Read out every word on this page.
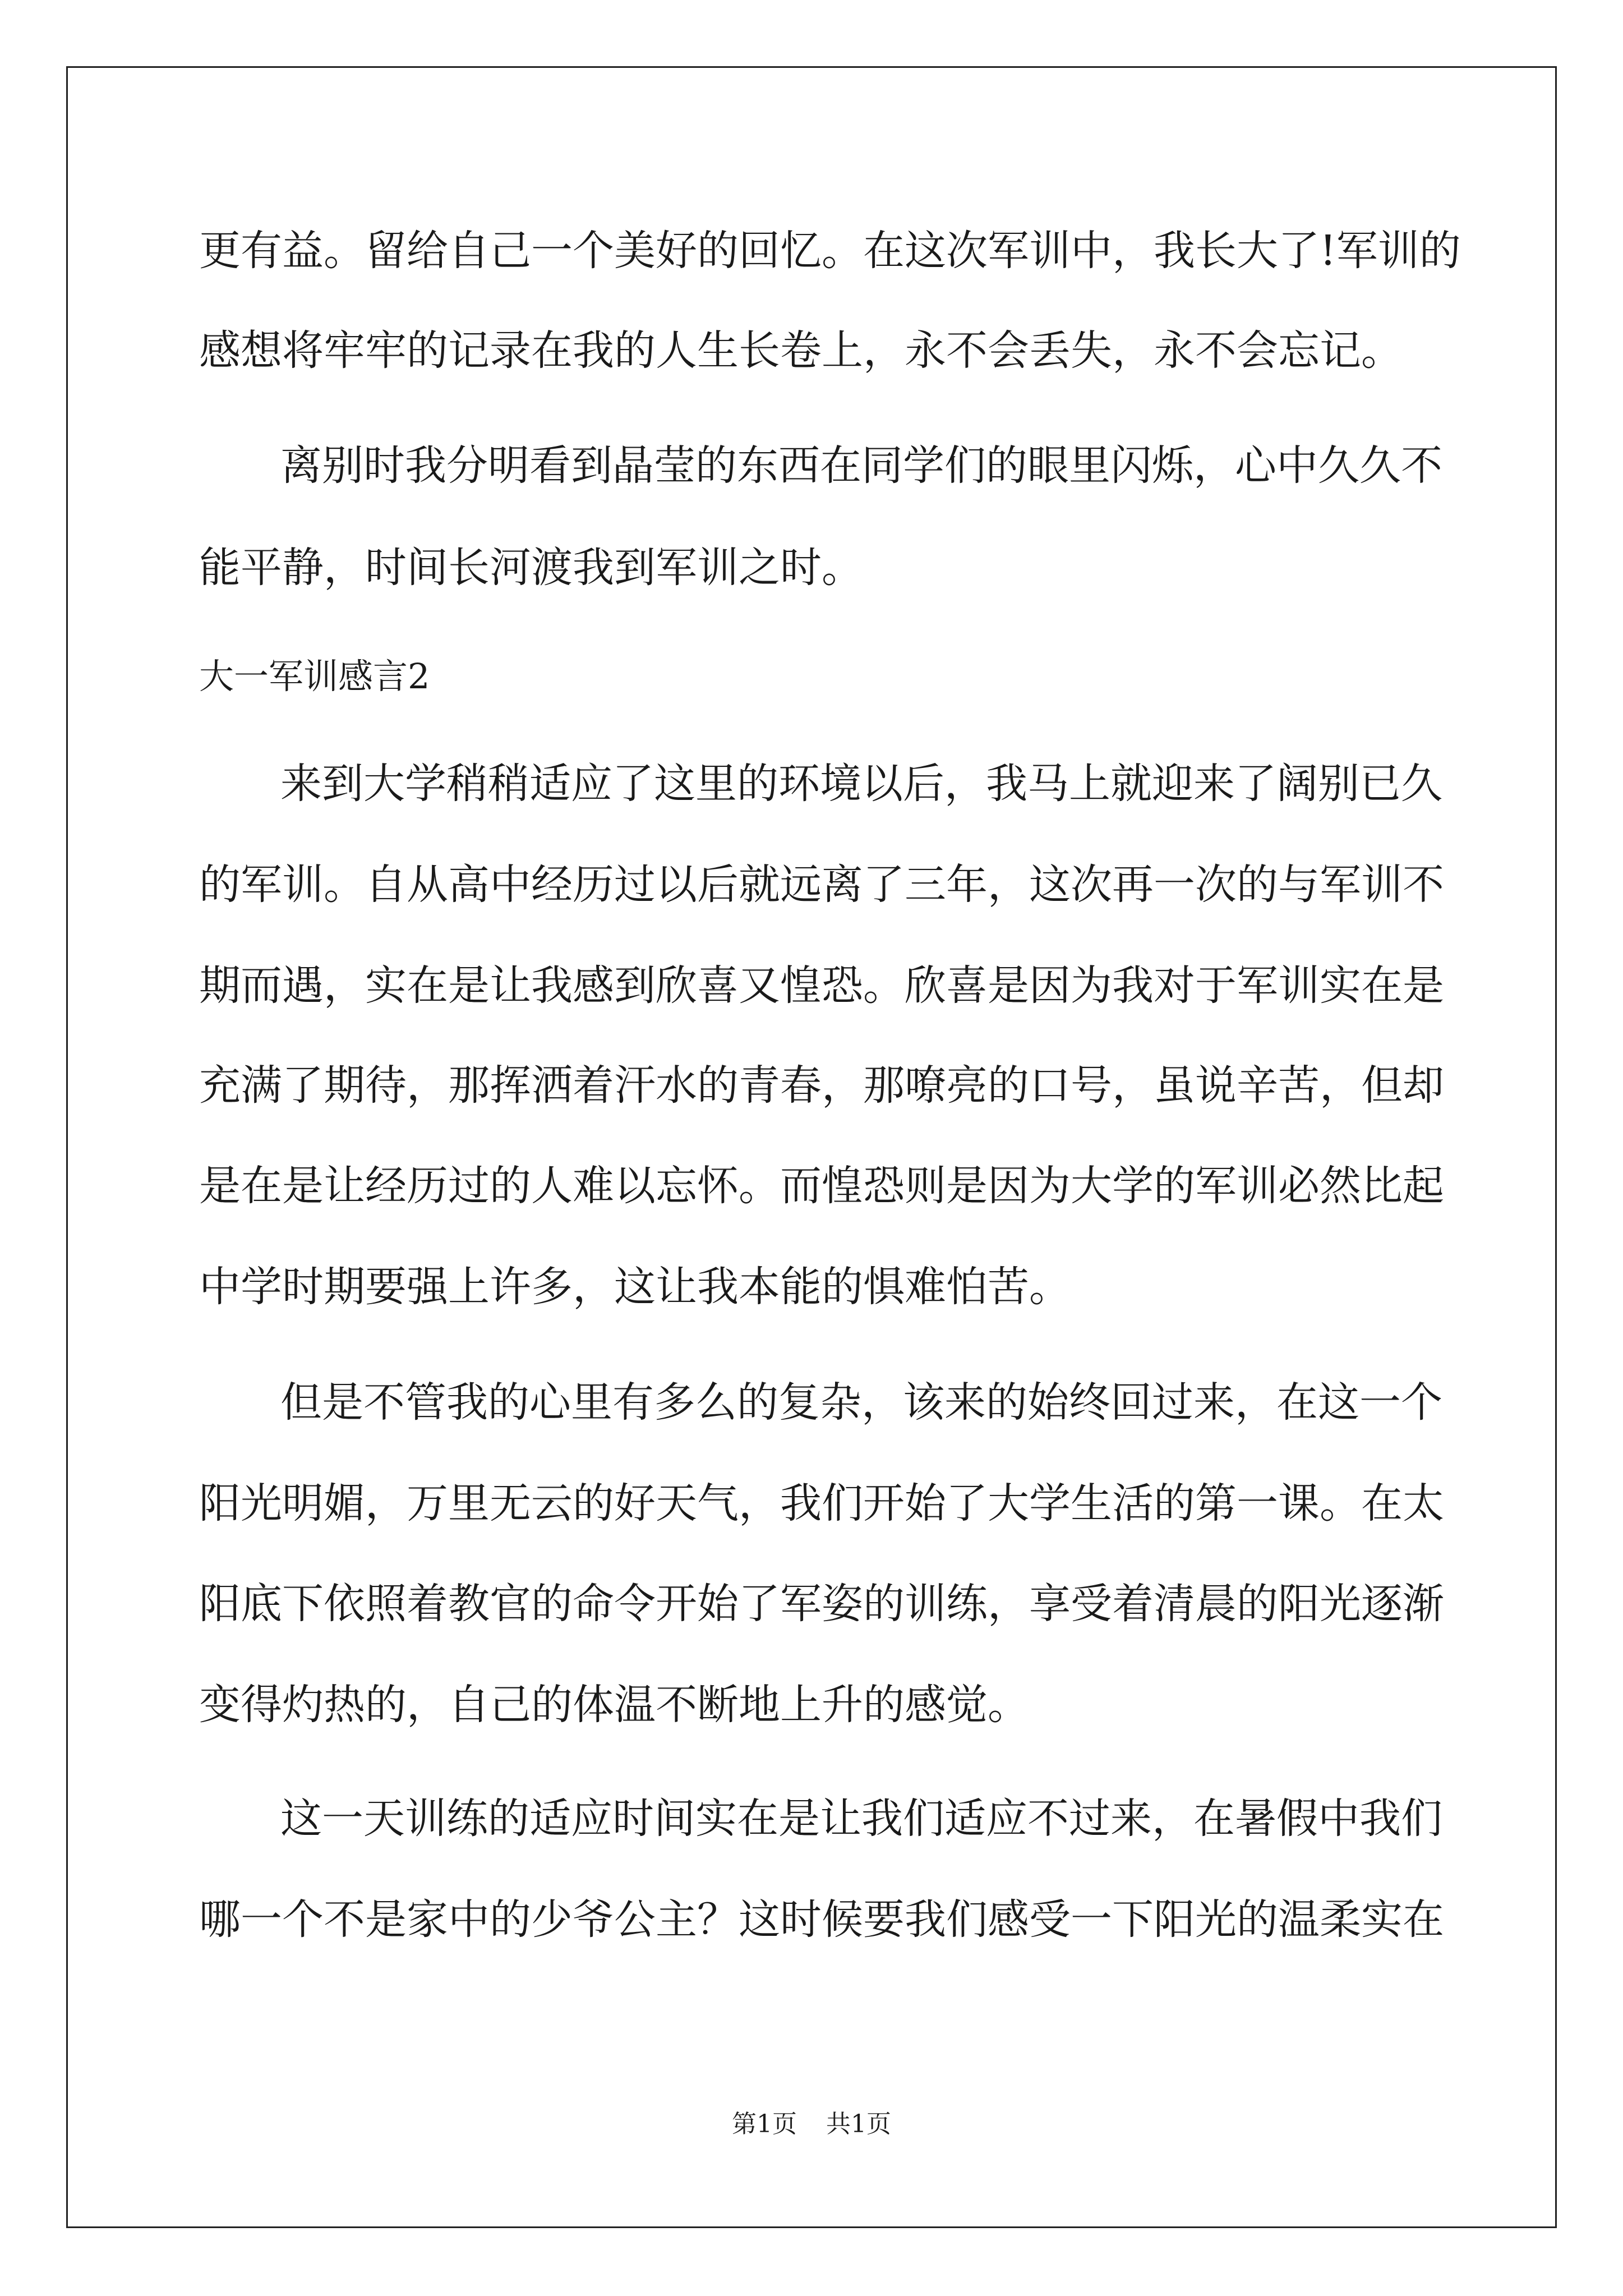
更有益。留给自己一个美好的回忆。在这次军训中，我长大了!军训的
感想将牢牢的记录在我的人生长卷上，永不会丢失，永不会忘记。
离别时我分明看到晶莹的东西在同学们的眼里闪烁，心中久久不
能平静，时间长河渡我到军训之时。
大一军训感言2
来到大学稍稍适应了这里的环境以后，我马上就迎来了阔别已久
的军训。自从高中经历过以后就远离了三年，这次再一次的与军训不
期而遇，实在是让我感到欣喜又惶恐。欣喜是因为我对于军训实在是
充满了期待，那挥洒着汗水的青春，那嘹亮的口号，虽说辛苦，但却
是在是让经历过的人难以忘怀。而惶恐则是因为大学的军训必然比起
中学时期要强上许多，这让我本能的惧难怕苦。
但是不管我的心里有多么的复杂，该来的始终回过来，在这一个
阳光明媚，万里无云的好天气，我们开始了大学生活的第一课。在太
阳底下依照着教官的命令开始了军姿的训练，享受着清晨的阳光逐渐
变得灼热的，自己的体温不断地上升的感觉。
这一天训练的适应时间实在是让我们适应不过来，在暑假中我们
哪一个不是家中的少爷公主？这时候要我们感受一下阳光的温柔实在
第1页 共1页
